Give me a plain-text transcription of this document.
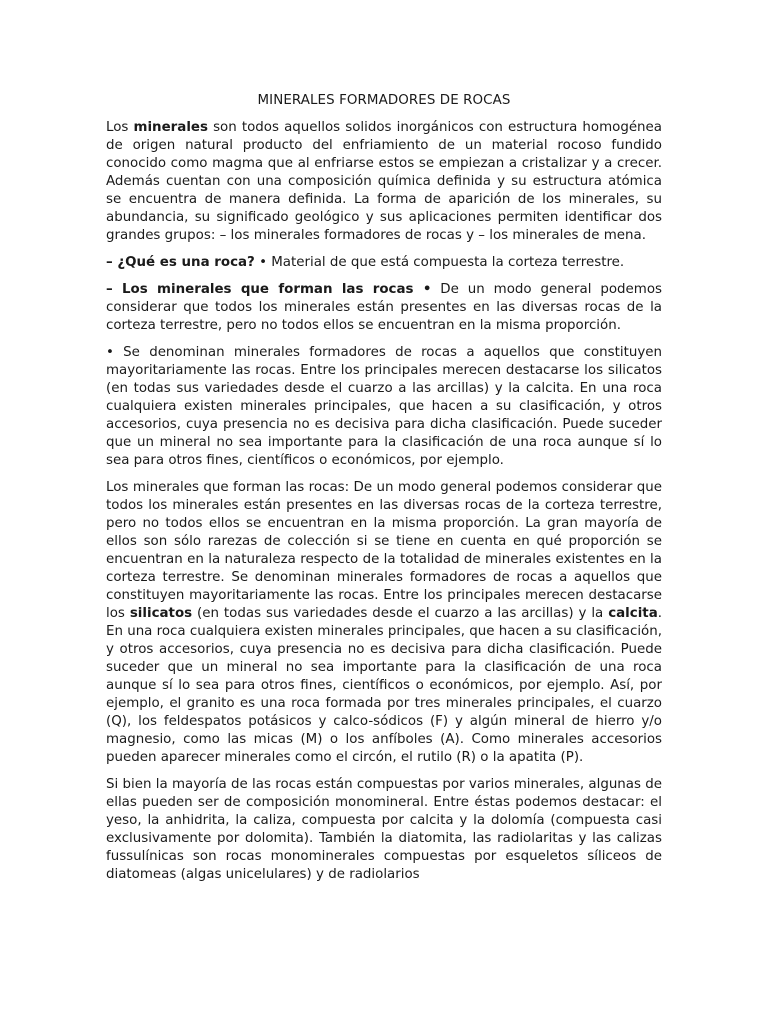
MINERALES FORMADORES DE ROCAS

Los minerales son todos aquellos solidos inorgánicos con estructura homogénea de origen natural producto del enfriamiento de un material rocoso fundido conocido como magma que al enfriarse estos se empiezan a cristalizar y a crecer. Además cuentan con una composición química definida y su estructura atómica se encuentra de manera definida. La forma de aparición de los minerales, su abundancia, su significado geológico y sus aplicaciones permiten identificar dos grandes grupos: – los minerales formadores de rocas y – los minerales de mena.

– ¿Qué es una roca? • Material de que está compuesta la corteza terrestre.

– Los minerales que forman las rocas • De un modo general podemos considerar que todos los minerales están presentes en las diversas rocas de la corteza terrestre, pero no todos ellos se encuentran en la misma proporción.

• Se denominan minerales formadores de rocas a aquellos que constituyen mayoritariamente las rocas. Entre los principales merecen destacarse los silicatos (en todas sus variedades desde el cuarzo a las arcillas) y la calcita. En una roca cualquiera existen minerales principales, que hacen a su clasificación, y otros accesorios, cuya presencia no es decisiva para dicha clasificación. Puede suceder que un mineral no sea importante para la clasificación de una roca aunque sí lo sea para otros fines, científicos o económicos, por ejemplo.

Los minerales que forman las rocas: De un modo general podemos considerar que todos los minerales están presentes en las diversas rocas de la corteza terrestre, pero no todos ellos se encuentran en la misma proporción. La gran mayoría de ellos son sólo rarezas de colección si se tiene en cuenta en qué proporción se encuentran en la naturaleza respecto de la totalidad de minerales existentes en la corteza terrestre. Se denominan minerales formadores de rocas a aquellos que constituyen mayoritariamente las rocas. Entre los principales merecen destacarse los silicatos (en todas sus variedades desde el cuarzo a las arcillas) y la calcita. En una roca cualquiera existen minerales principales, que hacen a su clasificación, y otros accesorios, cuya presencia no es decisiva para dicha clasificación. Puede suceder que un mineral no sea importante para la clasificación de una roca aunque sí lo sea para otros fines, científicos o económicos, por ejemplo. Así, por ejemplo, el granito es una roca formada por tres minerales principales, el cuarzo (Q), los feldespatos potásicos y calco-sódicos (F) y algún mineral de hierro y/o magnesio, como las micas (M) o los anfíboles (A). Como minerales accesorios pueden aparecer minerales como el circón, el rutilo (R) o la apatita (P).

Si bien la mayoría de las rocas están compuestas por varios minerales, algunas de ellas pueden ser de composición monomineral. Entre éstas podemos destacar: el yeso, la anhidrita, la caliza, compuesta por calcita y la dolomía (compuesta casi exclusivamente por dolomita). También la diatomita, las radiolaritas y las calizas fussulínicas son rocas monominerales compuestas por esqueletos síliceos de diatomeas (algas unicelulares) y de radiolarios
